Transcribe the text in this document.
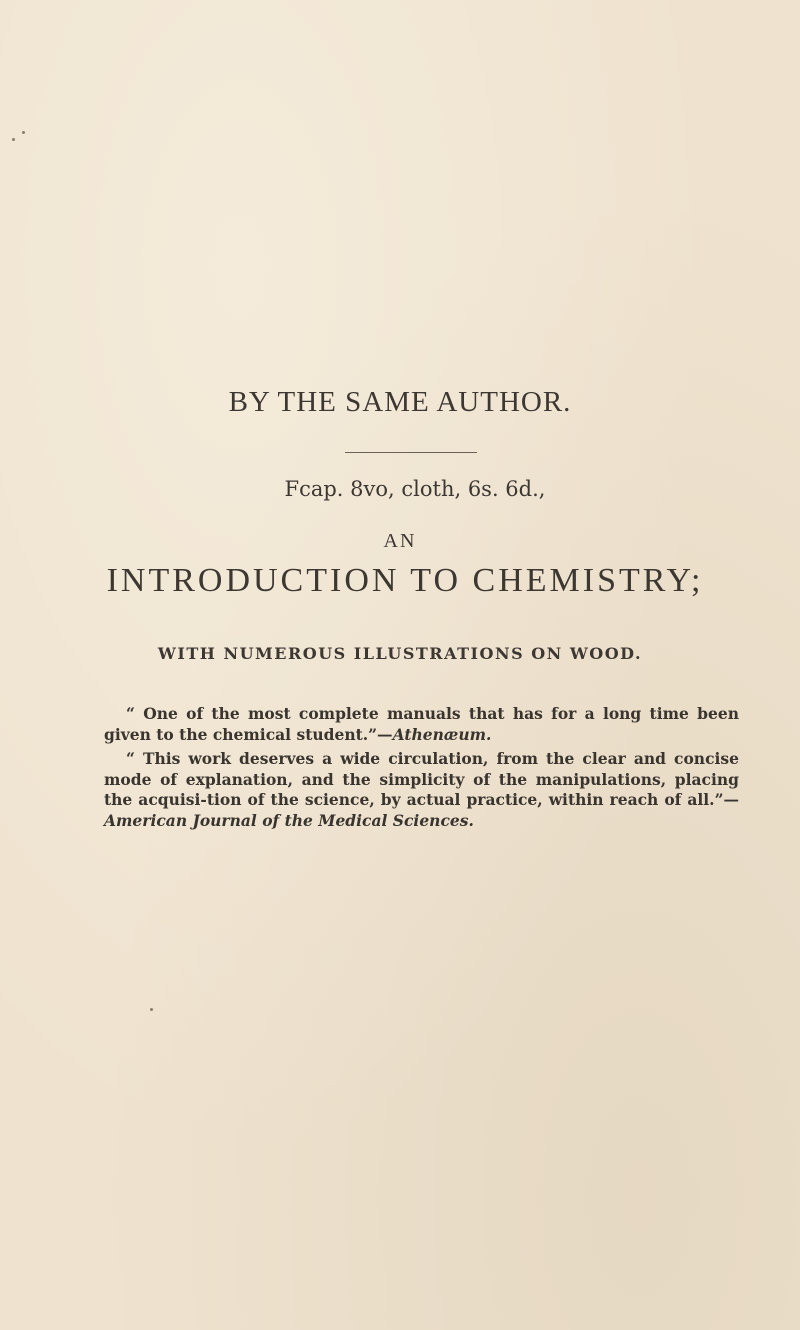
BY THE SAME AUTHOR.
Fcap. 8vo, cloth, 6s. 6d.,
AN
INTRODUCTION TO CHEMISTRY;
WITH NUMEROUS ILLUSTRATIONS ON WOOD.
“ One of the most complete manuals that has for a long time been given to the chemical student.”—Athenæum.
“ This work deserves a wide circulation, from the clear and concise mode of explanation, and the simplicity of the manipulations, placing the acquisi-tion of the science, by actual practice, within reach of all.”—American Journal of the Medical Sciences.
